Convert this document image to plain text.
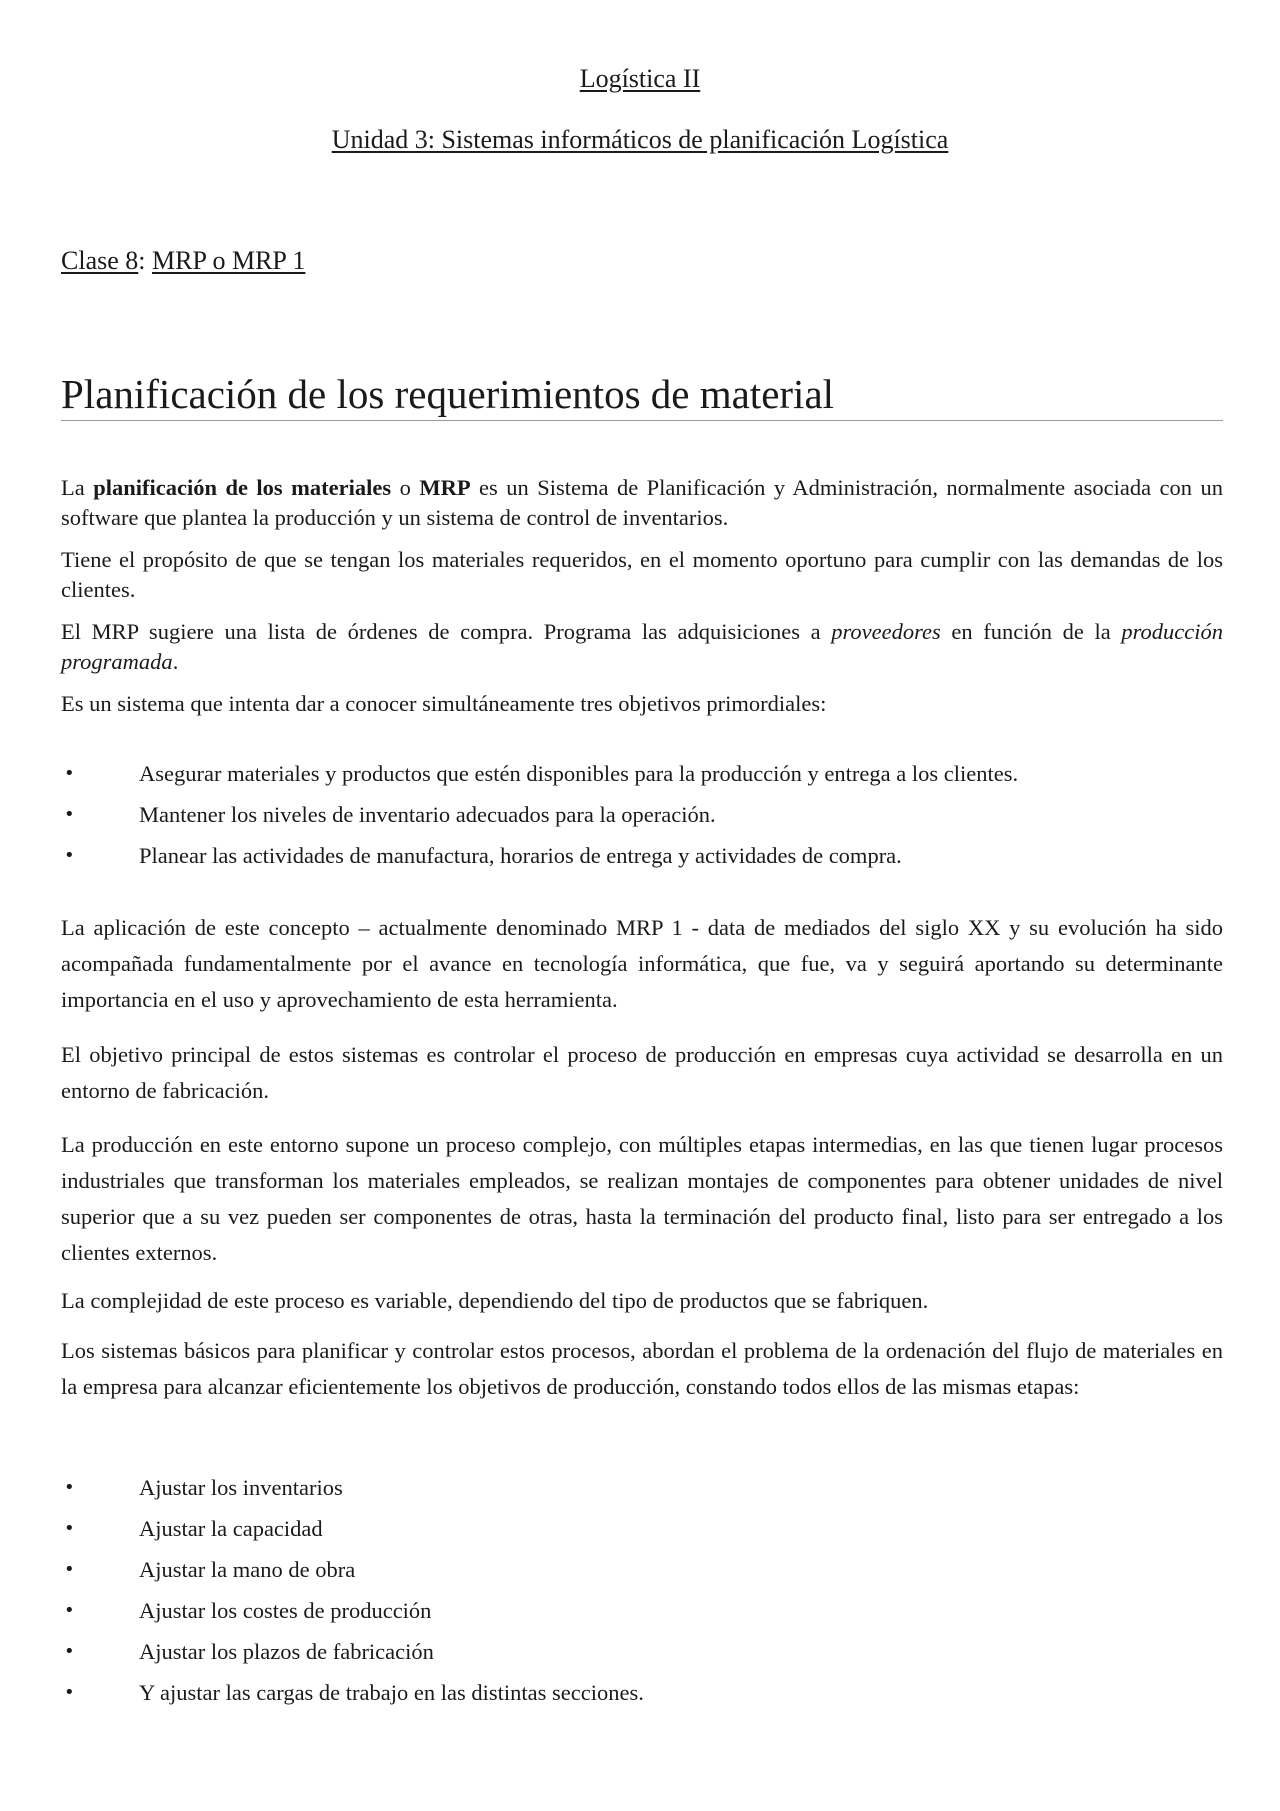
Logística II
Unidad 3: Sistemas informáticos de planificación Logística
Clase 8: MRP o MRP 1
Planificación de los requerimientos de material

La planificación de los materiales o MRP es un Sistema de Planificación y Administración, normalmente asociada con un software que plantea la producción y un sistema de control de inventarios.

Tiene el propósito de que se tengan los materiales requeridos, en el momento oportuno para cumplir con las demandas de los clientes.

El MRP sugiere una lista de órdenes de compra. Programa las adquisiciones a proveedores en función de la producción programada.

Es un sistema que intenta dar a conocer simultáneamente tres objetivos primordiales:

•	Asegurar materiales y productos que estén disponibles para la producción y entrega a los clientes.
•	Mantener los niveles de inventario adecuados para la operación.
•	Planear las actividades de manufactura, horarios de entrega y actividades de compra.

La aplicación de este concepto – actualmente denominado MRP 1 - data de mediados del siglo XX y su evolución ha sido acompañada fundamentalmente por el avance en tecnología informática, que fue, va y seguirá aportando su determinante importancia en el uso y aprovechamiento de esta herramienta.

El objetivo principal de estos sistemas es controlar el proceso de producción en empresas cuya actividad se desarrolla en un entorno de fabricación.

La producción en este entorno supone un proceso complejo, con múltiples etapas intermedias, en las que tienen lugar procesos industriales que transforman los materiales empleados, se realizan montajes de componentes para obtener unidades de nivel superior que a su vez pueden ser componentes de otras, hasta la terminación del producto final, listo para ser entregado a los clientes externos.

La complejidad de este proceso es variable, dependiendo del tipo de productos que se fabriquen.

Los sistemas básicos para planificar y controlar estos procesos, abordan el problema de la ordenación del flujo de materiales en la empresa para alcanzar eficientemente los objetivos de producción, constando todos ellos de las mismas etapas:

•	Ajustar los inventarios
•	Ajustar la capacidad
•	Ajustar la mano de obra
•	Ajustar los costes de producción
•	Ajustar los plazos de fabricación
•	Y ajustar las cargas de trabajo en las distintas secciones.
